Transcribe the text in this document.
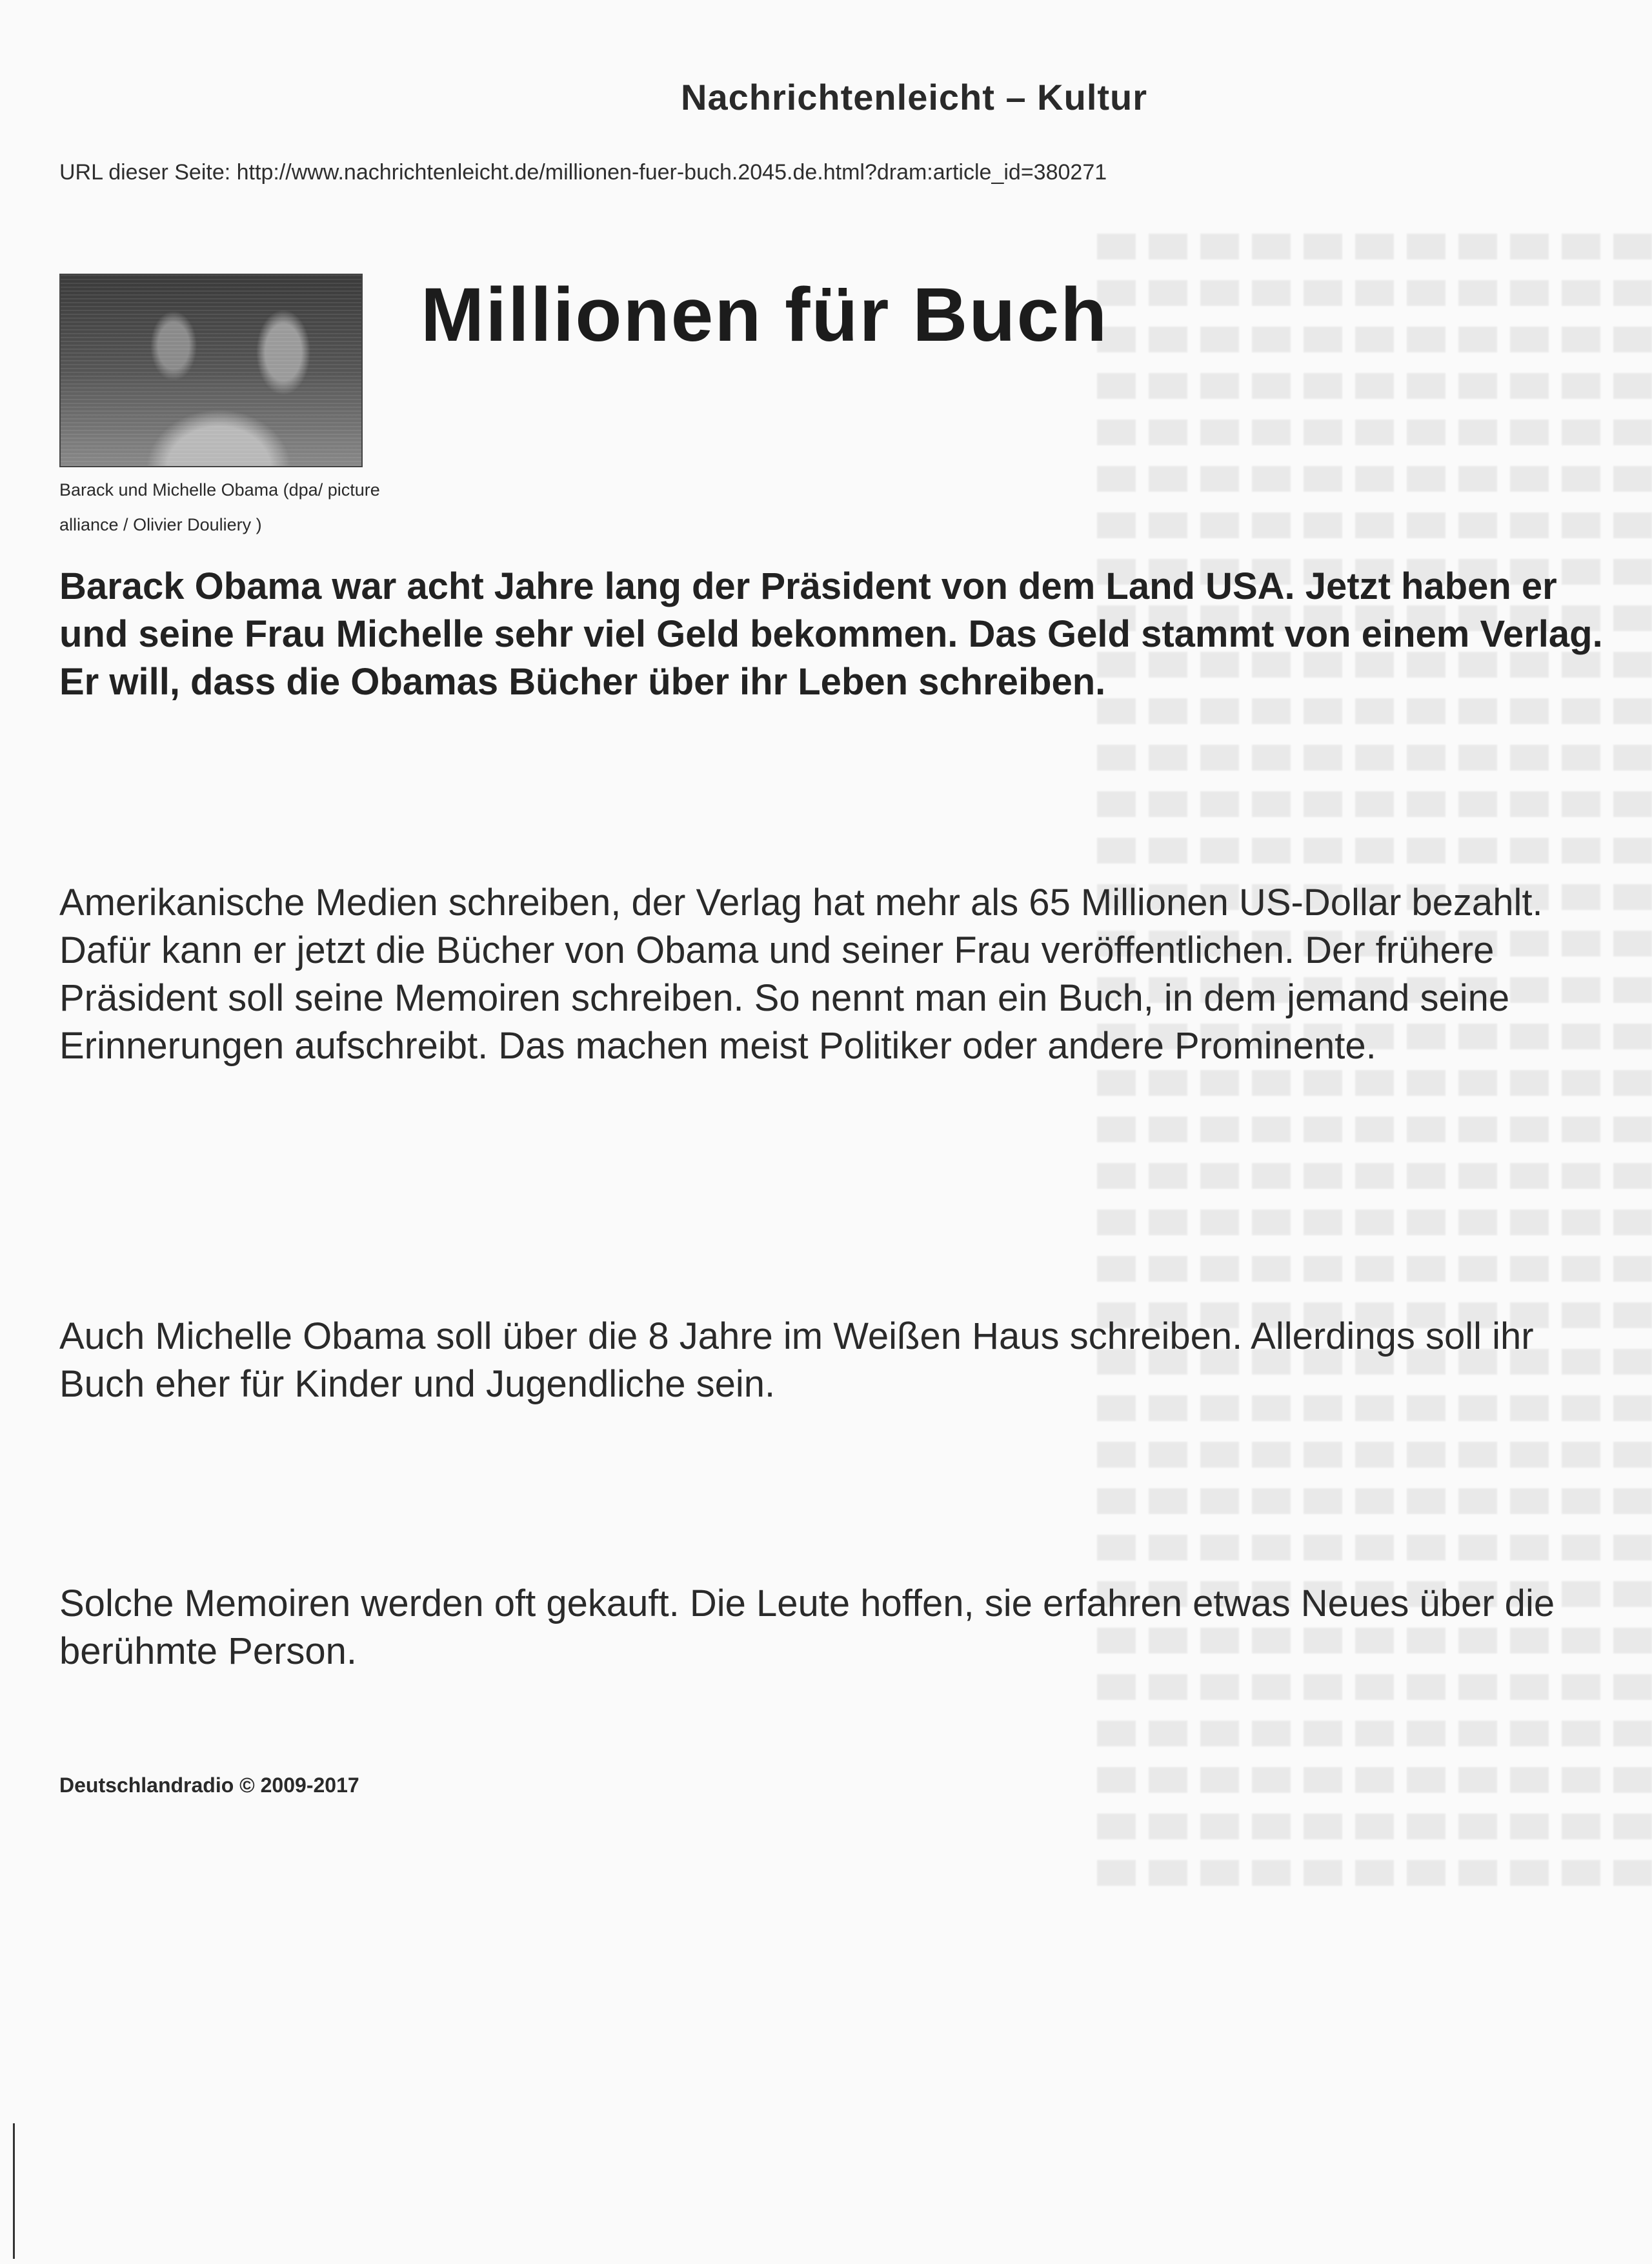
Nachrichtenleicht – Kultur
URL dieser Seite: http://www.nachrichtenleicht.de/millionen-fuer-buch.2045.de.html?dram:article_id=380271
Barack und Michelle Obama (dpa/ picture alliance / Olivier Douliery )
Millionen für Buch

Barack Obama war acht Jahre lang der Präsident von dem Land USA. Jetzt haben er und seine Frau Michelle sehr viel Geld bekommen. Das Geld stammt von einem Verlag. Er will, dass die Obamas Bücher über ihr Leben schreiben.

Amerikanische Medien schreiben, der Verlag hat mehr als 65 Millionen US-Dollar bezahlt. Dafür kann er jetzt die Bücher von Obama und seiner Frau veröffentlichen. Der frühere Präsident soll seine Memoiren schreiben. So nennt man ein Buch, in dem jemand seine Erinnerungen aufschreibt. Das machen meist Politiker oder andere Prominente.

Auch Michelle Obama soll über die 8 Jahre im Weißen Haus schreiben. Allerdings soll ihr Buch eher für Kinder und Jugendliche sein.

Solche Memoiren werden oft gekauft. Die Leute hoffen, sie erfahren etwas Neues über die berühmte Person.

Deutschlandradio © 2009-2017
